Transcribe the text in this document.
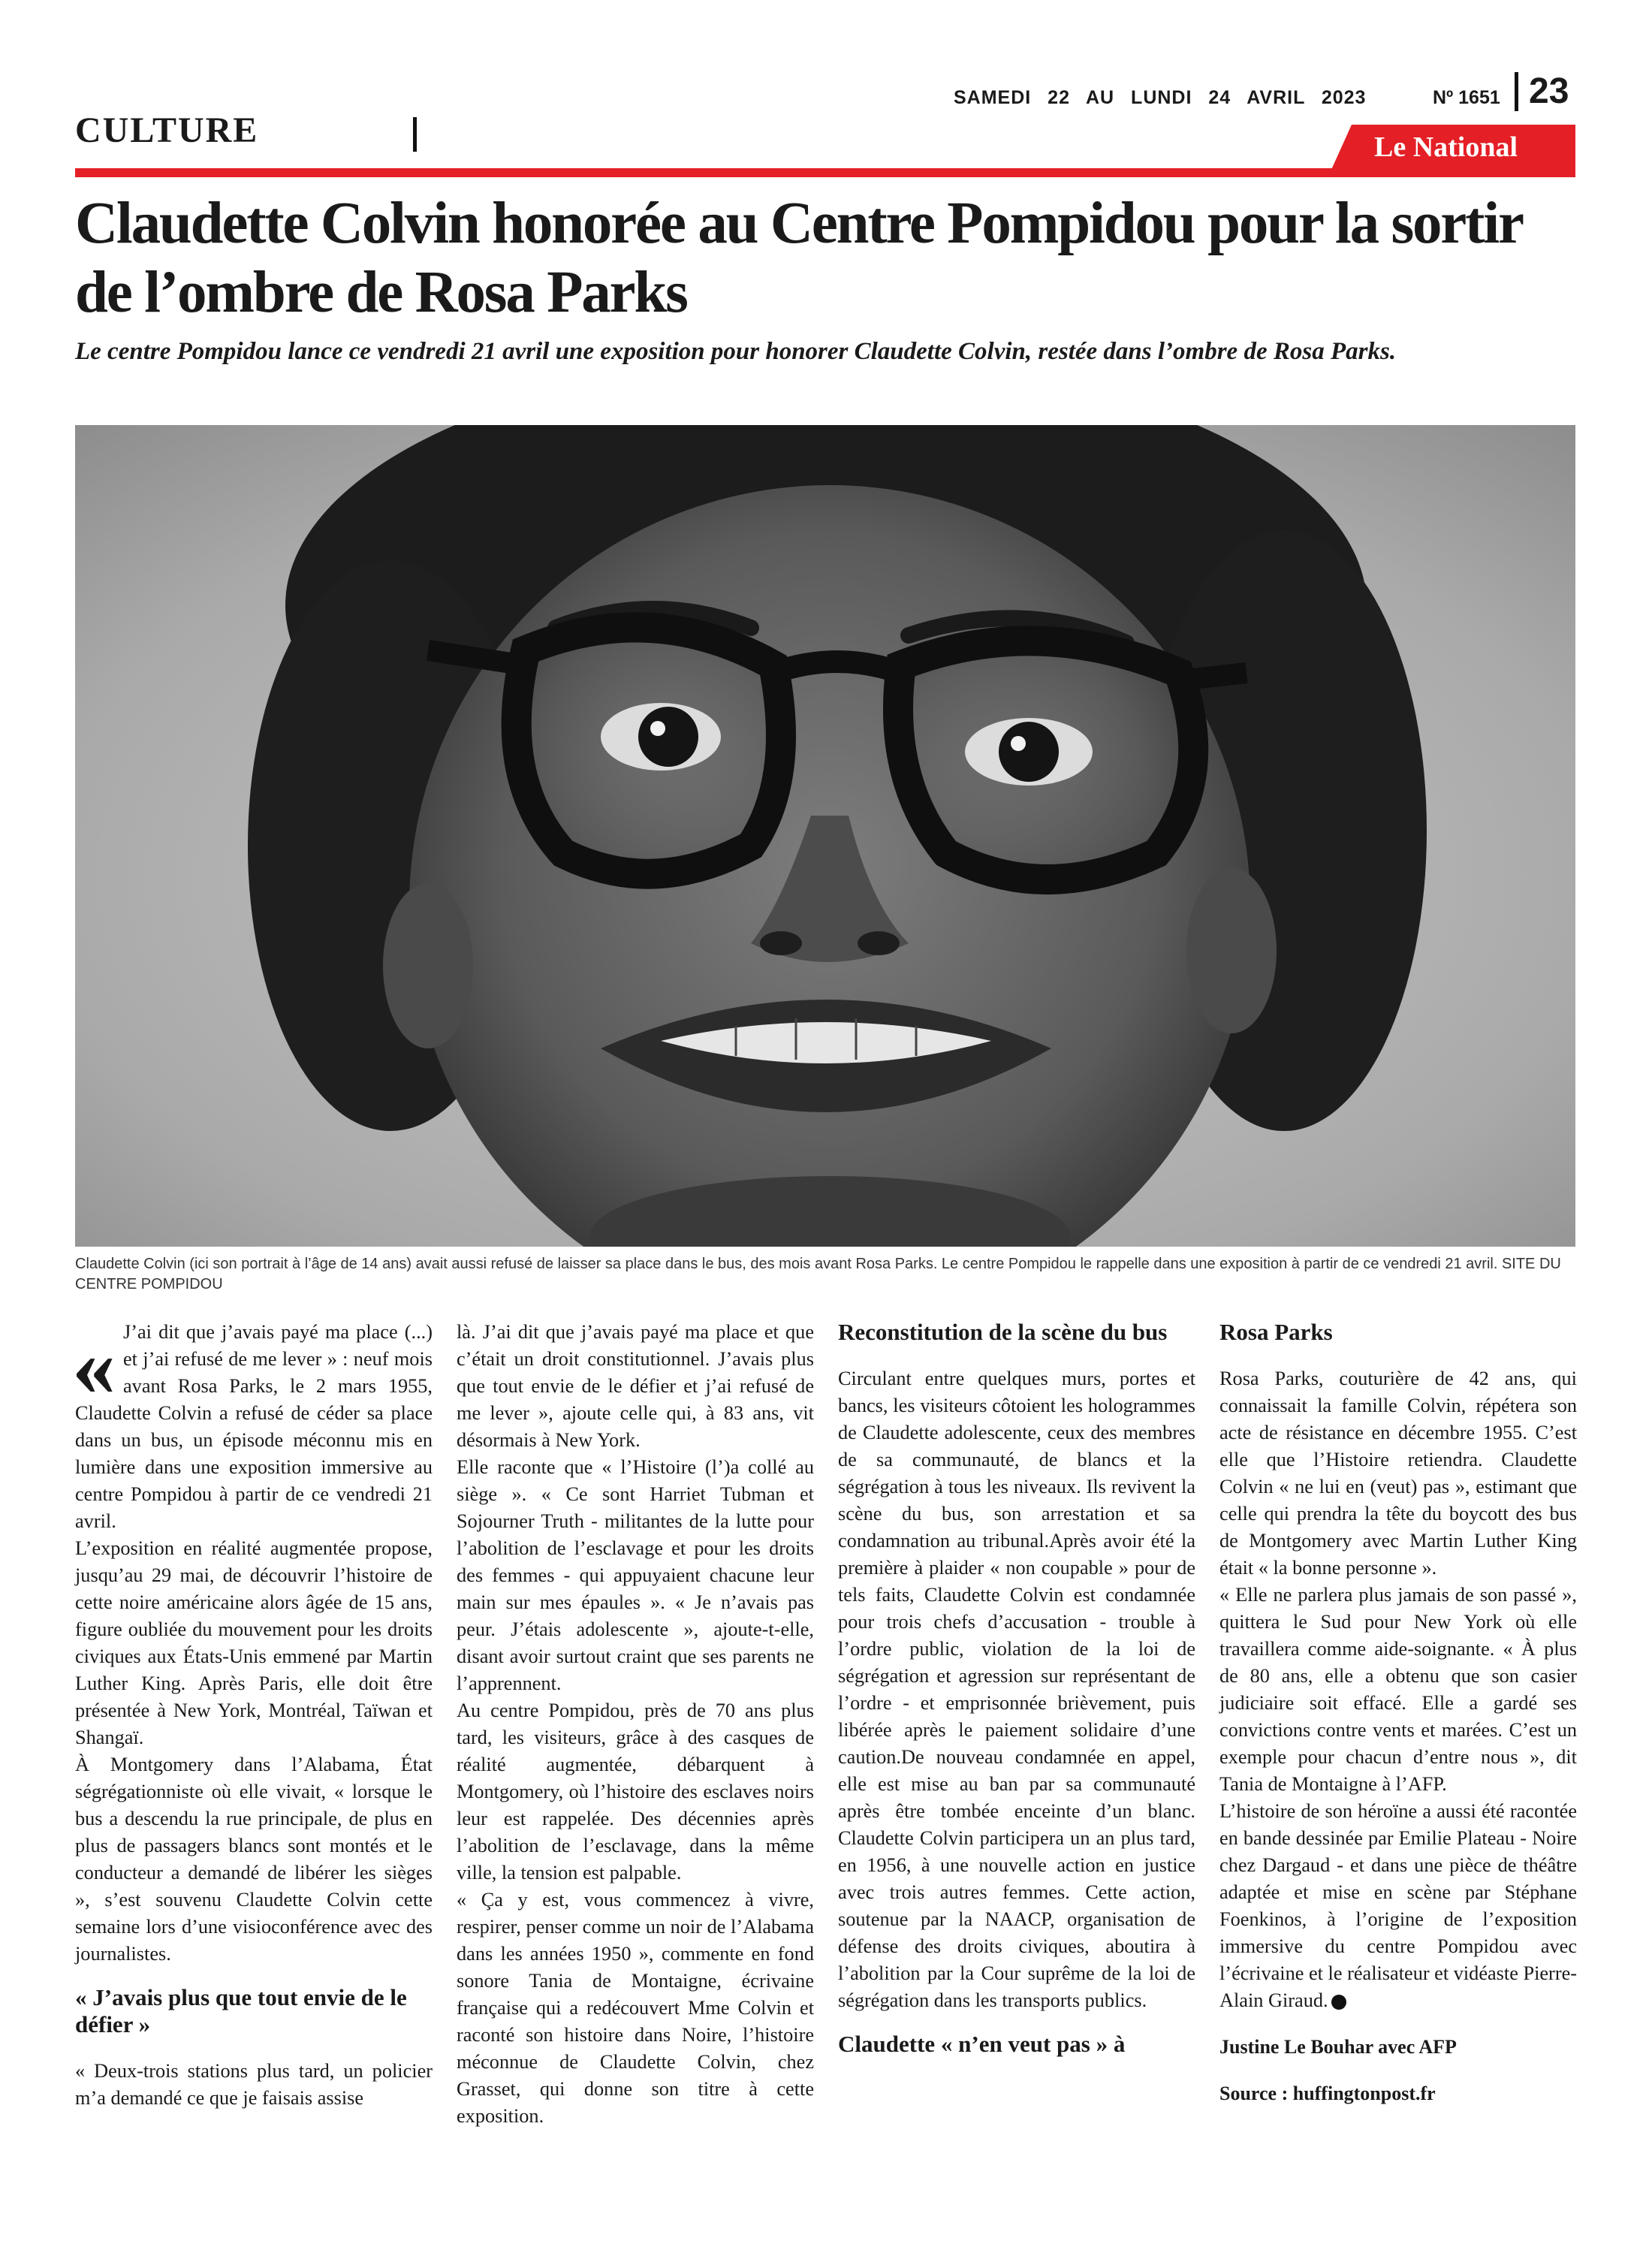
CULTURE
SAMEDI 22 AU LUNDI 24 AVRIL 2023	Nº 1651 23
Le National
Claudette Colvin honorée au Centre Pompidou pour la sortir de l’ombre de Rosa Parks
Le centre Pompidou lance ce vendredi 21 avril une exposition pour honorer Claudette Colvin, restée dans l’ombre de Rosa Parks.
Claudette Colvin (ici son portrait à l’âge de 14 ans) avait aussi refusé de laisser sa place dans le bus, des mois avant Rosa Parks. Le centre Pompidou le rappelle dans une exposition à partir de ce vendredi 21 avril. SITE DU CENTRE POMPIDOU

« J’ai dit que j’avais payé ma place (...) et j’ai refusé de me lever » : neuf mois avant Rosa Parks, le 2 mars 1955, Claudette Colvin a refusé de céder sa place dans un bus, un épisode méconnu mis en lumière dans une exposition immersive au centre Pompidou à partir de ce vendredi 21 avril.

L’exposition en réalité augmentée propose, jusqu’au 29 mai, de découvrir l’histoire de cette noire américaine alors âgée de 15 ans, figure oubliée du mouvement pour les droits civiques aux États-Unis emmené par Martin Luther King. Après Paris, elle doit être présentée à New York, Montréal, Taïwan et Shangaï.

À Montgomery dans l’Alabama, État ségrégationniste où elle vivait, « lorsque le bus a descendu la rue principale, de plus en plus de passagers blancs sont montés et le conducteur a demandé de libérer les sièges », s’est souvenu Claudette Colvin cette semaine lors d’une visioconférence avec des journalistes.

« J’avais plus que tout envie de le défier »

« Deux-trois stations plus tard, un policier m’a demandé ce que je faisais assise

là. J’ai dit que j’avais payé ma place et que c’était un droit constitutionnel. J’avais plus que tout envie de le défier et j’ai refusé de me lever », ajoute celle qui, à 83 ans, vit désormais à New York.

Elle raconte que « l’Histoire (l’)a collé au siège ». « Ce sont Harriet Tubman et Sojourner Truth - militantes de la lutte pour l’abolition de l’esclavage et pour les droits des femmes - qui appuyaient chacune leur main sur mes épaules ». « Je n’avais pas peur. J’étais adolescente », ajoute-t-elle, disant avoir surtout craint que ses parents ne l’apprennent.

Au centre Pompidou, près de 70 ans plus tard, les visiteurs, grâce à des casques de réalité augmentée, débarquent à Montgomery, où l’histoire des esclaves noirs leur est rappelée. Des décennies après l’abolition de l’esclavage, dans la même ville, la tension est palpable.

« Ça y est, vous commencez à vivre, respirer, penser comme un noir de l’Alabama dans les années 1950 », commente en fond sonore Tania de Montaigne, écrivaine française qui a redécouvert Mme Colvin et raconté son histoire dans Noire, l’histoire méconnue de Claudette Colvin, chez Grasset, qui donne son titre à cette exposition.

Reconstitution de la scène du bus

Circulant entre quelques murs, portes et bancs, les visiteurs côtoient les hologrammes de Claudette adolescente, ceux des membres de sa communauté, de blancs et la ségrégation à tous les niveaux. Ils revivent la scène du bus, son arrestation et sa condamnation au tribunal.Après avoir été la première à plaider « non coupable » pour de tels faits, Claudette Colvin est condamnée pour trois chefs d’accusation - trouble à l’ordre public, violation de la loi de ségrégation et agression sur représentant de l’ordre - et emprisonnée brièvement, puis libérée après le paiement solidaire d’une caution.De nouveau condamnée en appel, elle est mise au ban par sa communauté après être tombée enceinte d’un blanc. Claudette Colvin participera un an plus tard, en 1956, à une nouvelle action en justice avec trois autres femmes. Cette action, soutenue par la NAACP, organisation de défense des droits civiques, aboutira à l’abolition par la Cour suprême de la loi de ségrégation dans les transports publics.

Claudette « n’en veut pas » à
Rosa Parks

Rosa Parks, couturière de 42 ans, qui connaissait la famille Colvin, répétera son acte de résistance en décembre 1955. C’est elle que l’Histoire retiendra. Claudette Colvin « ne lui en (veut) pas », estimant que celle qui prendra la tête du boycott des bus de Montgomery avec Martin Luther King était « la bonne personne ».

« Elle ne parlera plus jamais de son passé », quittera le Sud pour New York où elle travaillera comme aide-soignante. « À plus de 80 ans, elle a obtenu que son casier judiciaire soit effacé. Elle a gardé ses convictions contre vents et marées. C’est un exemple pour chacun d’entre nous », dit Tania de Montaigne à l’AFP.

L’histoire de son héroïne a aussi été racontée en bande dessinée par Emilie Plateau - Noire chez Dargaud - et dans une pièce de théâtre adaptée et mise en scène par Stéphane Foenkinos, à l’origine de l’exposition immersive du centre Pompidou avec l’écrivaine et le réalisateur et vidéaste Pierre-Alain Giraud.

Justine Le Bouhar avec AFP

Source : huffingtonpost.fr
